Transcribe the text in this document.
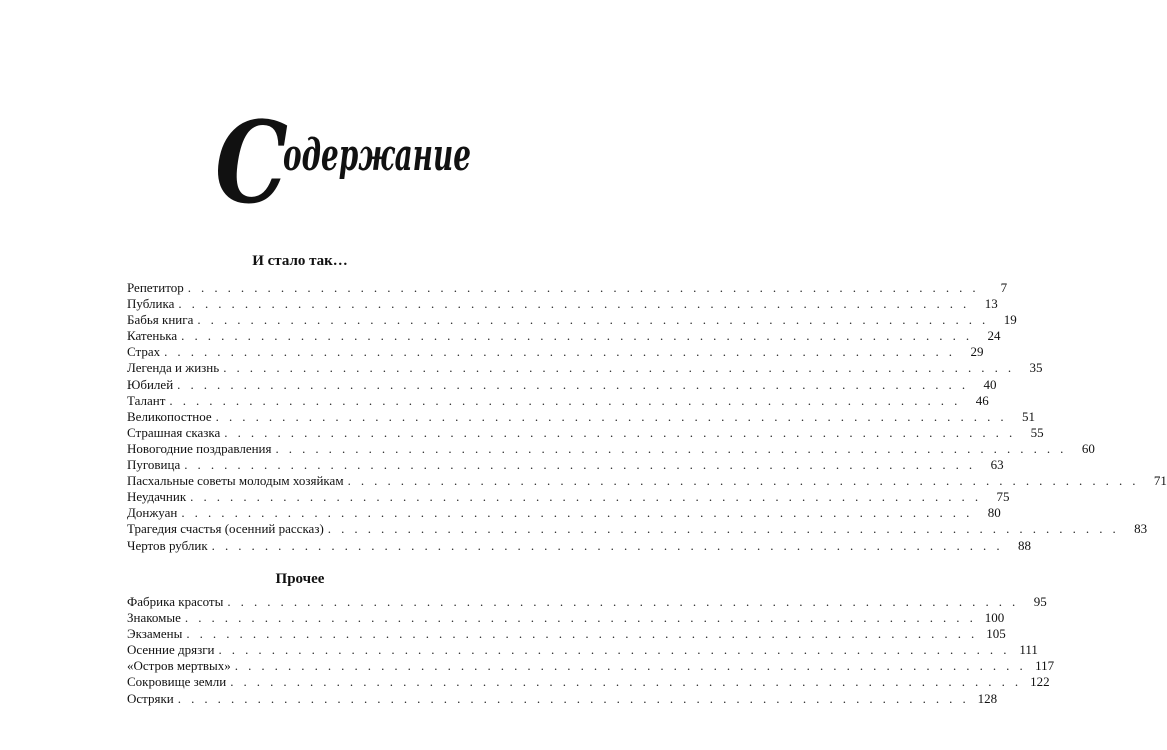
С
одержание
И стало так…
Репетитор . . .	7
Публика . . .	13
Бабья книга . . .	19
Катенька . . .	24
Страх . . .	29
Легенда и жизнь . . .	35
Юбилей . . .	40
Талант . . .	46
Великопостное . . .	51
Страшная сказка . . .	55
Новогодние поздравления . . .	60
Пуговица . . .	63
Пасхальные советы молодым хозяйкам . . .	71
Неудачник . . .	75
Донжуан . . .	80
Трагедия счастья (осенний рассказ) . . .	83
Чертов рублик . . .	88
Прочее
Фабрика красоты . . .	95
Знакомые . . .	100
Экзамены . . .	105
Осенние дрязги . . .	111
«Остров мертвых» . . .	117
Сокровище земли . . .	122
Остряки . . .	128
